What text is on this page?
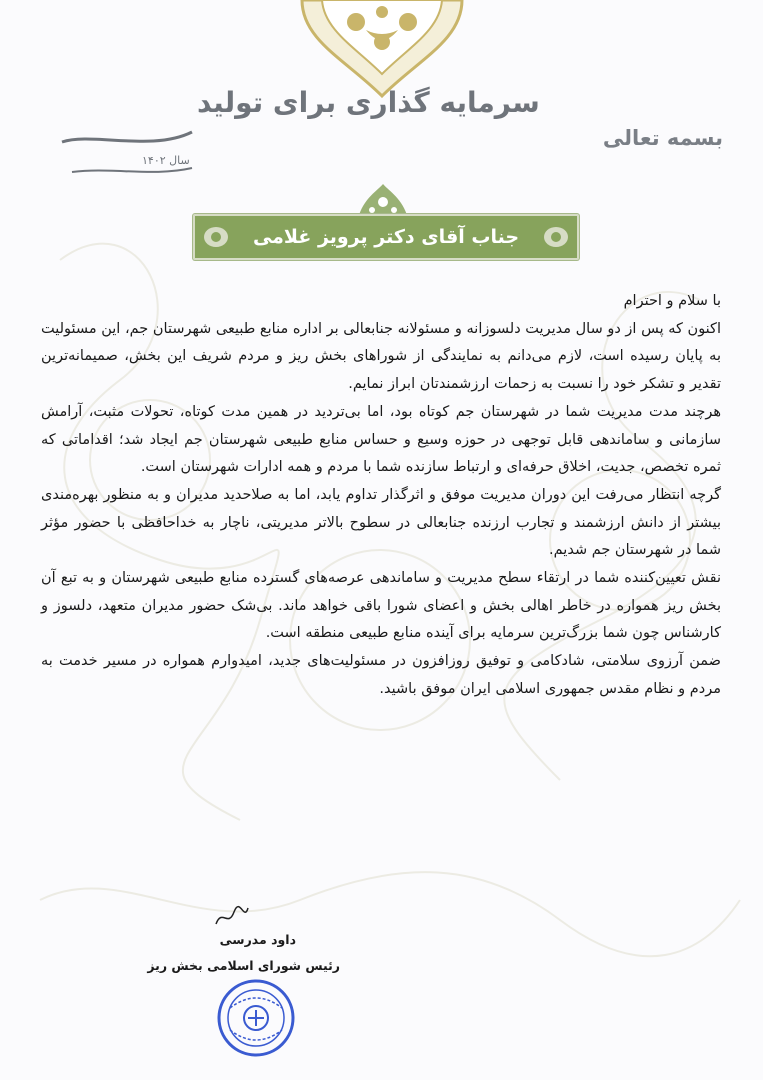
سرمایه گذاری برای تولید
سال ۱۴۰۲
بسمه تعالی
جناب آقای دکتر پرویز غلامی

با سلام و احترام

اکنون که پس از دو سال مدیریت دلسوزانه و مسئولانه جنابعالی بر اداره منابع طبیعی شهرستان جم، این مسئولیت به پایان رسیده است، لازم می‌دانم به نمایندگی از شوراهای بخش ریز و مردم شریف این بخش، صمیمانه‌ترین تقدیر و تشکر خود را نسبت به زحمات ارزشمندتان ابراز نمایم.

هرچند مدت مدیریت شما در شهرستان جم کوتاه بود، اما بی‌تردید در همین مدت کوتاه، تحولات مثبت، آرامش سازمانی و ساماندهی قابل توجهی در حوزه وسیع و حساس منابع طبیعی شهرستان جم ایجاد شد؛ اقداماتی که ثمره تخصص، جدیت، اخلاق حرفه‌ای و ارتباط سازنده شما با مردم و همه ادارات شهرستان است.

گرچه انتظار می‌رفت این دوران مدیریت موفق و اثرگذار تداوم یابد، اما به صلاحدید مدیران و به منظور بهره‌مندی بیشتر از دانش ارزشمند و تجارب ارزنده جنابعالی در سطوح بالاتر مدیریتی، ناچار به خداحافظی با حضور مؤثر شما در شهرستان جم شدیم.

نقش تعیین‌کننده شما در ارتقاء سطح مدیریت و ساماندهی عرصه‌های گسترده منابع طبیعی شهرستان و به تبع آن بخش ریز همواره در خاطر اهالی بخش و اعضای شورا باقی خواهد ماند. بی‌شک حضور مدیران متعهد، دلسوز و کارشناس چون شما بزرگ‌ترین سرمایه برای آینده منابع طبیعی منطقه است.

ضمن آرزوی سلامتی، شادکامی و توفیق روزافزون در مسئولیت‌های جدید، امیدوارم همواره در مسیر خدمت به مردم و نظام مقدس جمهوری اسلامی ایران موفق باشید.

داود مدرسی
رئیس شورای اسلامی بخش ریز
